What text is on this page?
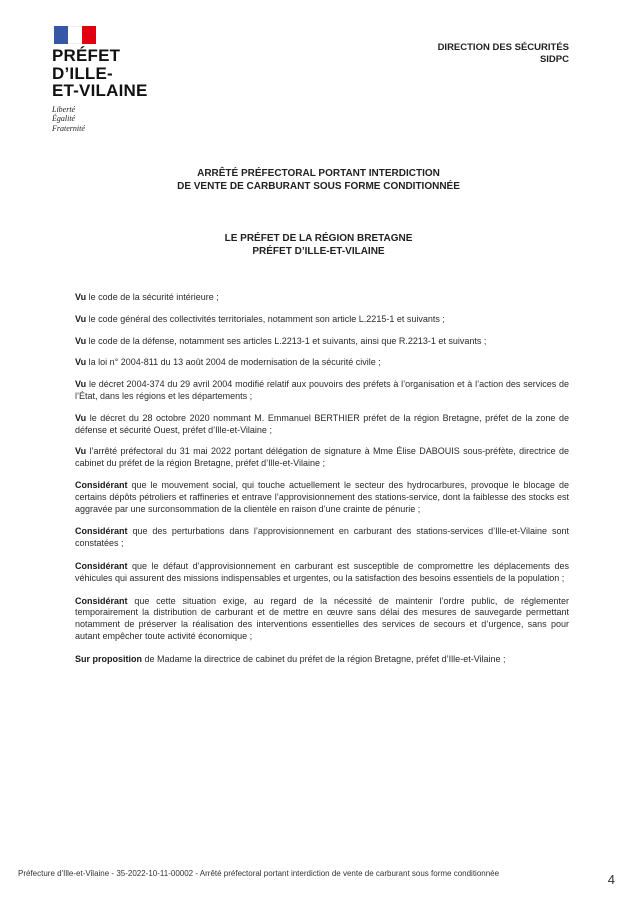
PRÉFET
D’ILLE-
ET-VILAINE
Liberté
Égalité
Fraternité
DIRECTION DES SÉCURITÉS
SIDPC
ARRÊTÉ PRÉFECTORAL PORTANT INTERDICTION
DE VENTE DE CARBURANT SOUS FORME CONDITIONNÉE
LE PRÉFET DE LA RÉGION BRETAGNE
PRÉFET D’ILLE-ET-VILAINE

Vu le code de la sécurité intérieure ;

Vu le code général des collectivités territoriales, notamment son article L.2215-1 et suivants ;

Vu le code de la défense, notamment ses articles L.2213-1 et suivants, ainsi que R.2213-1 et suivants ;

Vu la loi n° 2004-811 du 13 août 2004 de modernisation de la sécurité civile ;

Vu le décret 2004-374 du 29 avril 2004 modifié relatif aux pouvoirs des préfets à l’organisation et à l’action des services de l’État, dans les régions et les départements ;

Vu le décret du 28 octobre 2020 nommant M. Emmanuel BERTHIER préfet de la région Bretagne, préfet de la zone de défense et sécurité Ouest, préfet d’Ille-et-Vilaine ;

Vu l’arrêté préfectoral du 31 mai 2022 portant délégation de signature à Mme Élise DABOUIS sous-préfète, directrice de cabinet du préfet de la région Bretagne, préfet d’Ille-et-Vilaine ;

Considérant que le mouvement social, qui touche actuellement le secteur des hydrocarbures, provoque le blocage de certains dépôts pétroliers et raffineries et entrave l’approvisionnement des stations-service, dont la faiblesse des stocks est aggravée par une surconsommation de la clientèle en raison d’une crainte de pénurie ;

Considérant que des perturbations dans l’approvisionnement en carburant des stations-services d’Ille-et-Vilaine sont constatées ;

Considérant que le défaut d’approvisionnement en carburant est susceptible de compromettre les déplacements des véhicules qui assurent des missions indispensables et urgentes, ou la satisfaction des besoins essentiels de la population ;

Considérant que cette situation exige, au regard de la nécessité de maintenir l’ordre public, de réglementer temporairement la distribution de carburant et de mettre en œuvre sans délai des mesures de sauvegarde permettant notamment de préserver la réalisation des interventions essentielles des services de secours et d’urgence, sans pour autant empêcher toute activité économique ;

Sur proposition de Madame la directrice de cabinet du préfet de la région Bretagne, préfet d’Ille-et-Vilaine ;

Préfecture d'Ille-et-Vilaine - 35-2022-10-11-00002 - Arrêté préfectoral portant interdiction de vente de carburant sous forme conditionnée	4
